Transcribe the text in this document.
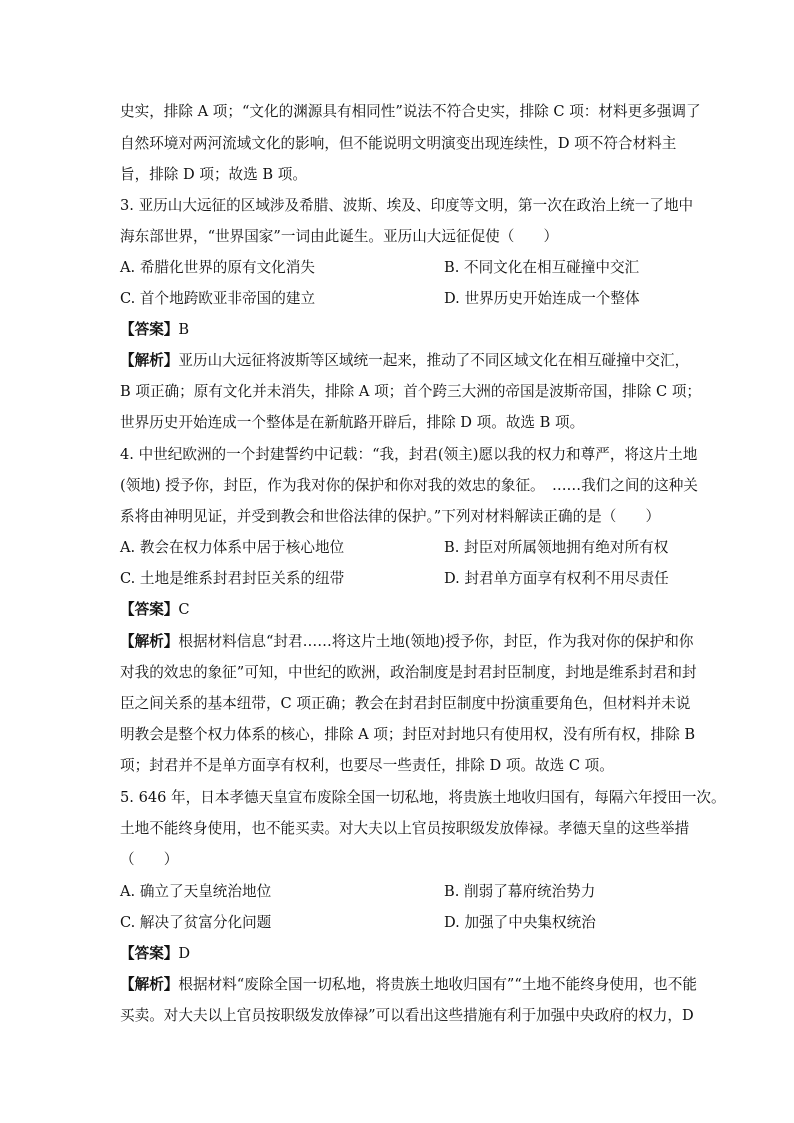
史实，排除 A 项；“文化的渊源具有相同性”说法不符合史实，排除 C 项：材料更多强调了
自然环境对两河流域文化的影响，但不能说明文明演变出现连续性，D 项不符合材料主
旨，排除 D 项；故选 B 项。
3. 亚历山大远征的区域涉及希腊、波斯、埃及、印度等文明，第一次在政治上统一了地中
海东部世界，“世界国家”一词由此诞生。亚历山大远征促使（　　）
A. 希腊化世界的原有文化消失	B. 不同文化在相互碰撞中交汇
C. 首个地跨欧亚非帝国的建立	D. 世界历史开始连成一个整体
【答案】B
【解析】亚历山大远征将波斯等区域统一起来，推动了不同区域文化在相互碰撞中交汇，
B 项正确；原有文化并未消失，排除 A 项；首个跨三大洲的帝国是波斯帝国，排除 C 项；
世界历史开始连成一个整体是在新航路开辟后，排除 D 项。故选 B 项。
4. 中世纪欧洲的一个封建誓约中记载：“我，封君(领主)愿以我的权力和尊严，将这片土地
(领地) 授予你，封臣，作为我对你的保护和你对我的效忠的象征。　……我们之间的这种关
系将由神明见证，并受到教会和世俗法律的保护。”下列对材料解读正确的是（　　）
A. 教会在权力体系中居于核心地位	B. 封臣对所属领地拥有绝对所有权
C. 土地是维系封君封臣关系的纽带	D. 封君单方面享有权利不用尽责任
【答案】C
【解析】根据材料信息“封君……将这片土地(领地)授予你，封臣，作为我对你的保护和你
对我的效忠的象征”可知，中世纪的欧洲，政治制度是封君封臣制度，封地是维系封君和封
臣之间关系的基本纽带，C 项正确；教会在封君封臣制度中扮演重要角色，但材料并未说
明教会是整个权力体系的核心，排除 A 项；封臣对封地只有使用权，没有所有权，排除 B
项；封君并不是单方面享有权利，也要尽一些责任，排除 D 项。故选 C 项。
5. 646 年，日本孝德天皇宣布废除全国一切私地，将贵族土地收归国有，每隔六年授田一次。
土地不能终身使用，也不能买卖。对大夫以上官员按职级发放俸禄。孝德天皇的这些举措
（　　）
A. 确立了天皇统治地位	B. 削弱了幕府统治势力
C. 解决了贫富分化问题	D. 加强了中央集权统治
【答案】D
【解析】根据材料“废除全国一切私地，将贵族土地收归国有”“土地不能终身使用，也不能
买卖。对大夫以上官员按职级发放俸禄”可以看出这些措施有利于加强中央政府的权力，D
